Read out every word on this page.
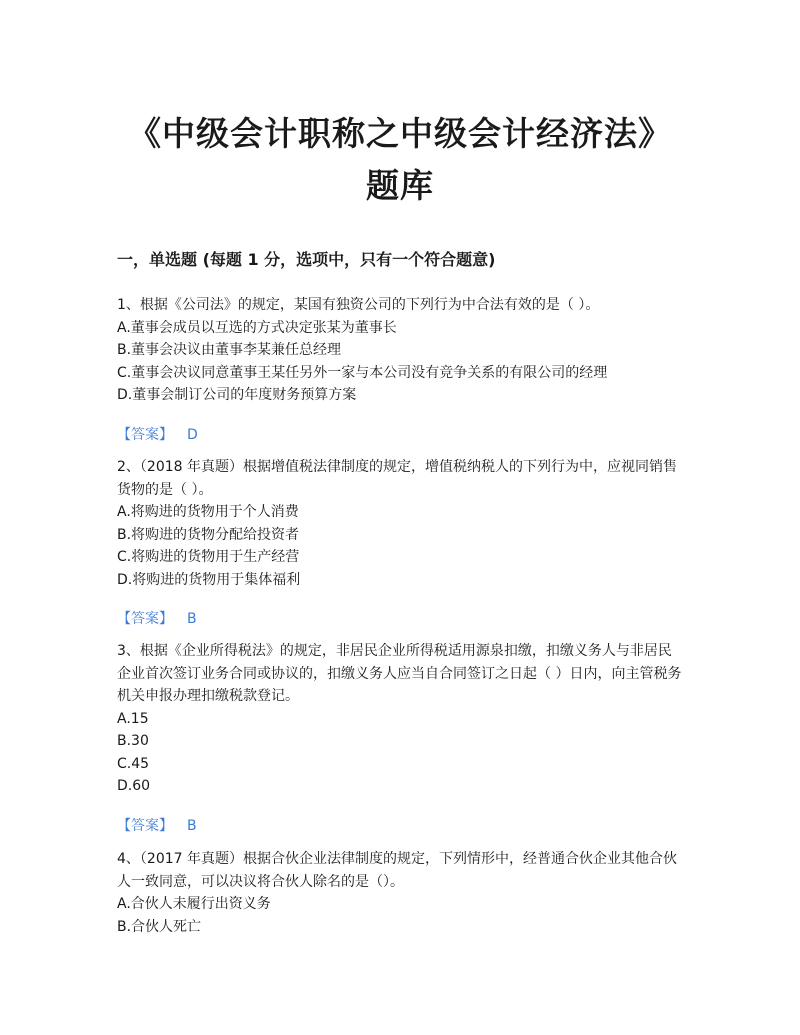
《中级会计职称之中级会计经济法》
题库
一，单选题 (每题 1 分，选项中，只有一个符合题意)

1、根据《公司法》的规定，某国有独资公司的下列行为中合法有效的是（ ）。

A.董事会成员以互选的方式决定张某为董事长

B.董事会决议由董事李某兼任总经理

C.董事会决议同意董事王某任另外一家与本公司没有竞争关系的有限公司的经理

D.董事会制订公司的年度财务预算方案

【答案】 D

2、（2018 年真题）根据增值税法律制度的规定，增值税纳税人的下列行为中，应视同销售货物的是（ ）。

A.将购进的货物用于个人消费

B.将购进的货物分配给投资者

C.将购进的货物用于生产经营

D.将购进的货物用于集体福利

【答案】 B

3、根据《企业所得税法》的规定，非居民企业所得税适用源泉扣缴，扣缴义务人与非居民企业首次签订业务合同或协议的，扣缴义务人应当自合同签订之日起（ ）日内，向主管税务机关申报办理扣缴税款登记。

A.15

B.30

C.45

D.60

【答案】 B

4、（2017 年真题）根据合伙企业法律制度的规定，下列情形中，经普通合伙企业其他合伙人一致同意，可以决议将合伙人除名的是（）。

A.合伙人未履行出资义务

B.合伙人死亡
